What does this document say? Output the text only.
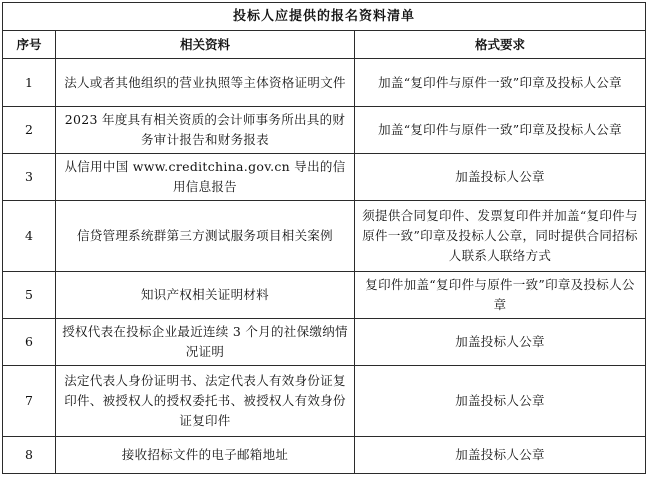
投标人应提供的报名资料清单		
序号	相关资料	格式要求
1	法人或者其他组织的营业执照等主体资格证明文件	加盖“复印件与原件一致”印章及投标人公章
2	2023 年度具有相关资质的会计师事务所出具的财务审计报告和财务报表	加盖“复印件与原件一致”印章及投标人公章
3	从信用中国 www.creditchina.gov.cn 导出的信用信息报告	加盖投标人公章
4	信贷管理系统群第三方测试服务项目相关案例	须提供合同复印件、发票复印件并加盖“复印件与原件一致”印章及投标人公章，同时提供合同招标人联系人联络方式
5	知识产权相关证明材料	复印件加盖“复印件与原件一致”印章及投标人公章
6	授权代表在投标企业最近连续 3 个月的社保缴纳情况证明	加盖投标人公章
7	法定代表人身份证明书、法定代表人有效身份证复印件、被授权人的授权委托书、被授权人有效身份证复印件	加盖投标人公章
8	接收招标文件的电子邮箱地址	加盖投标人公章
